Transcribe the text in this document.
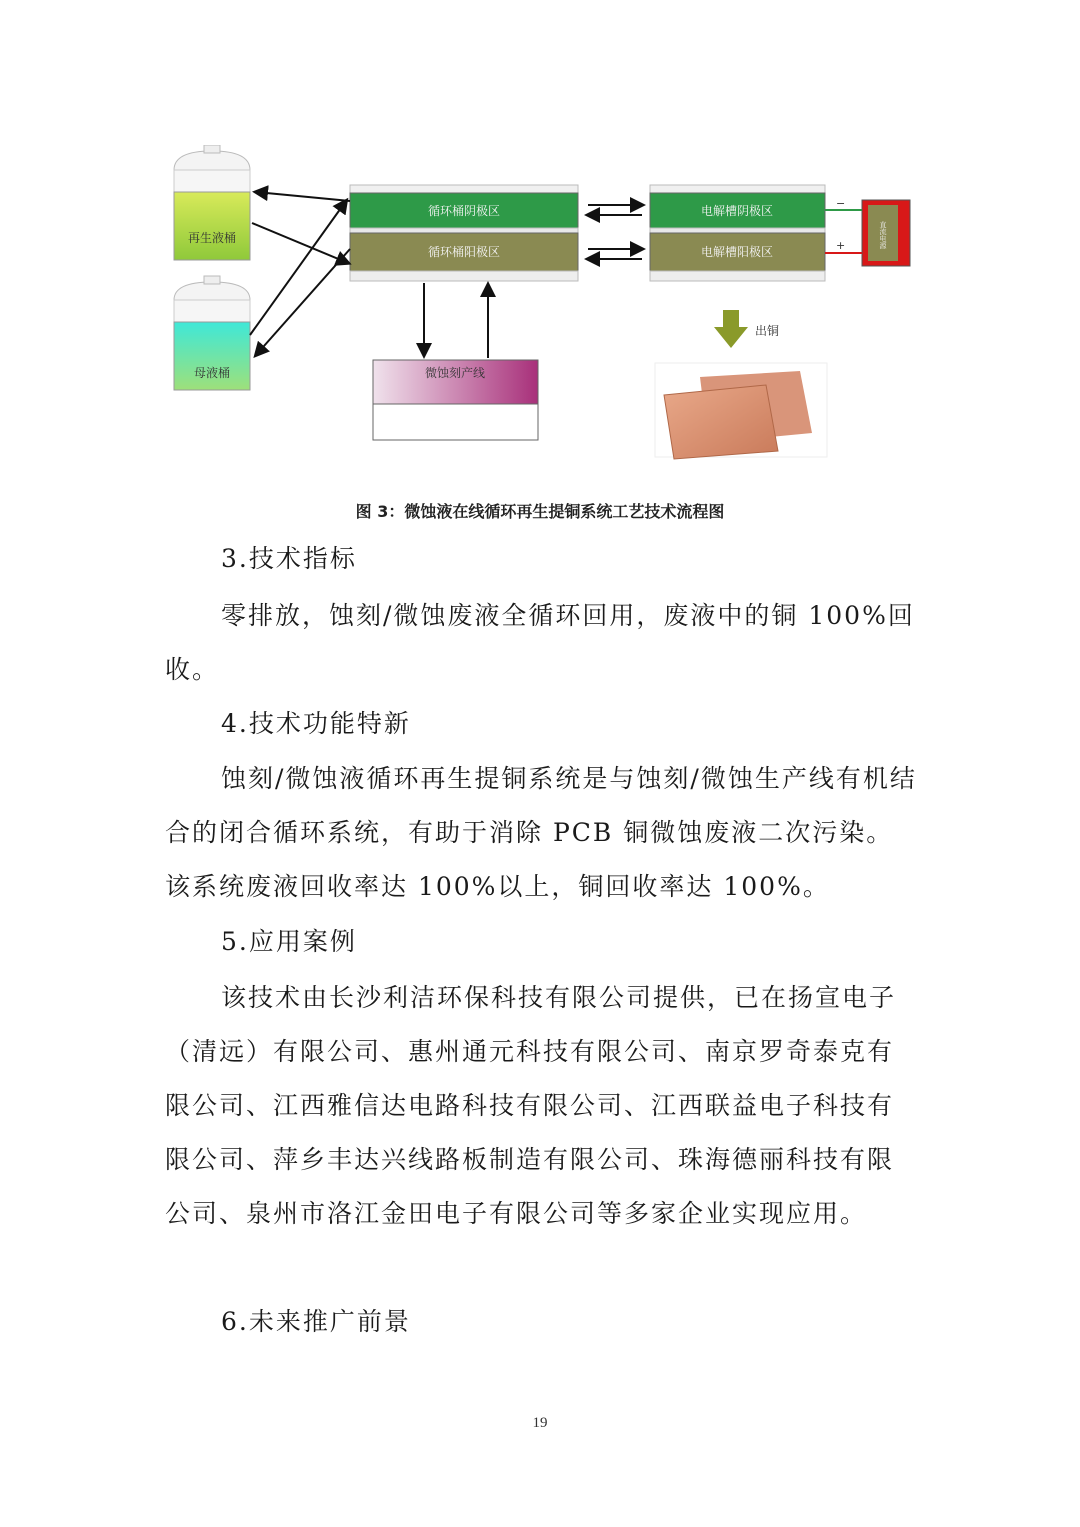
再生液桶
母液桶
循环桶阴极区
循环桶阳极区
电解槽阴极区
电解槽阳极区
直流电源
−
+
微蚀刻产线
出铜
图 3：微蚀液在线循环再生提铜系统工艺技术流程图
3.技术指标

零排放，蚀刻/微蚀废液全循环回用，废液中的铜 100%回收。

4.技术功能特新

蚀刻/微蚀液循环再生提铜系统是与蚀刻/微蚀生产线有机结合的闭合循环系统，有助于消除 PCB 铜微蚀废液二次污染。该系统废液回收率达 100%以上，铜回收率达 100%。

5.应用案例

该技术由长沙利洁环保科技有限公司提供，已在扬宣电子（清远）有限公司、惠州通元科技有限公司、南京罗奇泰克有限公司、江西雅信达电路科技有限公司、江西联益电子科技有限公司、萍乡丰达兴线路板制造有限公司、珠海德丽科技有限公司、泉州市洛江金田电子有限公司等多家企业实现应用。

6.未来推广前景
19
